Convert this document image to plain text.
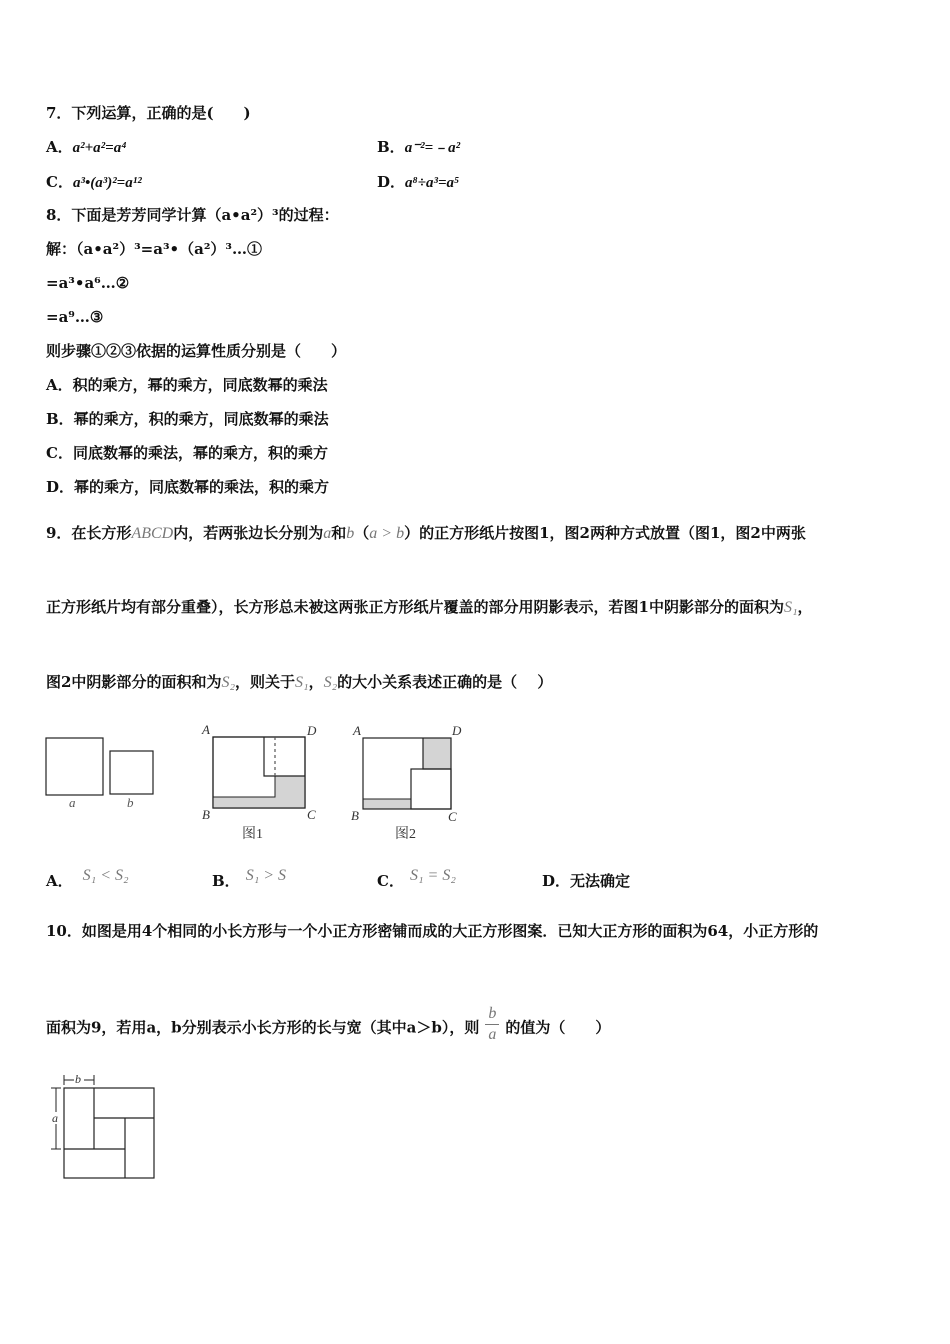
7．下列运算，正确的是(　　)
A．a²+a²=a⁴	B．a⁻²=﹣a²
C．a³•(a³)²=a¹²	D．a⁸÷a³=a⁵
8．下面是芳芳同学计算（a•a²）³的过程：
解：（a•a²）³=a³•（a²）³…①
=a³•a⁶…②
=a⁹…③
则步骤①②③依据的运算性质分别是（　　）
A．积的乘方，幂的乘方，同底数幂的乘法
B．幂的乘方，积的乘方，同底数幂的乘法
C．同底数幂的乘法，幂的乘方，积的乘方
D．幂的乘方，同底数幂的乘法，积的乘方
9．在长方形ABCD内，若两张边长分别为a和b（a > b）的正方形纸片按图1，图2两种方式放置（图1，图2中两张
正方形纸片均有部分重叠），长方形总未被这两张正方形纸片覆盖的部分用阴影表示，若图1中阴影部分的面积为S₁，
图2中阴影部分的面积和为S₂，则关于S₁，S₂的大小关系表述正确的是（　 ）
a	b
A	D
B	C
图1
A	D
B	C
图2
A． S₁ < S₂	B． S₁ > S	C． S₁ = S₂	D．无法确定
10．如图是用4个相同的小长方形与一个小正方形密铺而成的大正方形图案．已知大正方形的面积为64，小正方形的
面积为9，若用a，b分别表示小长方形的长与宽（其中a＞b），则 $\frac{b}{a}$ 的值为（　　）
b
a
